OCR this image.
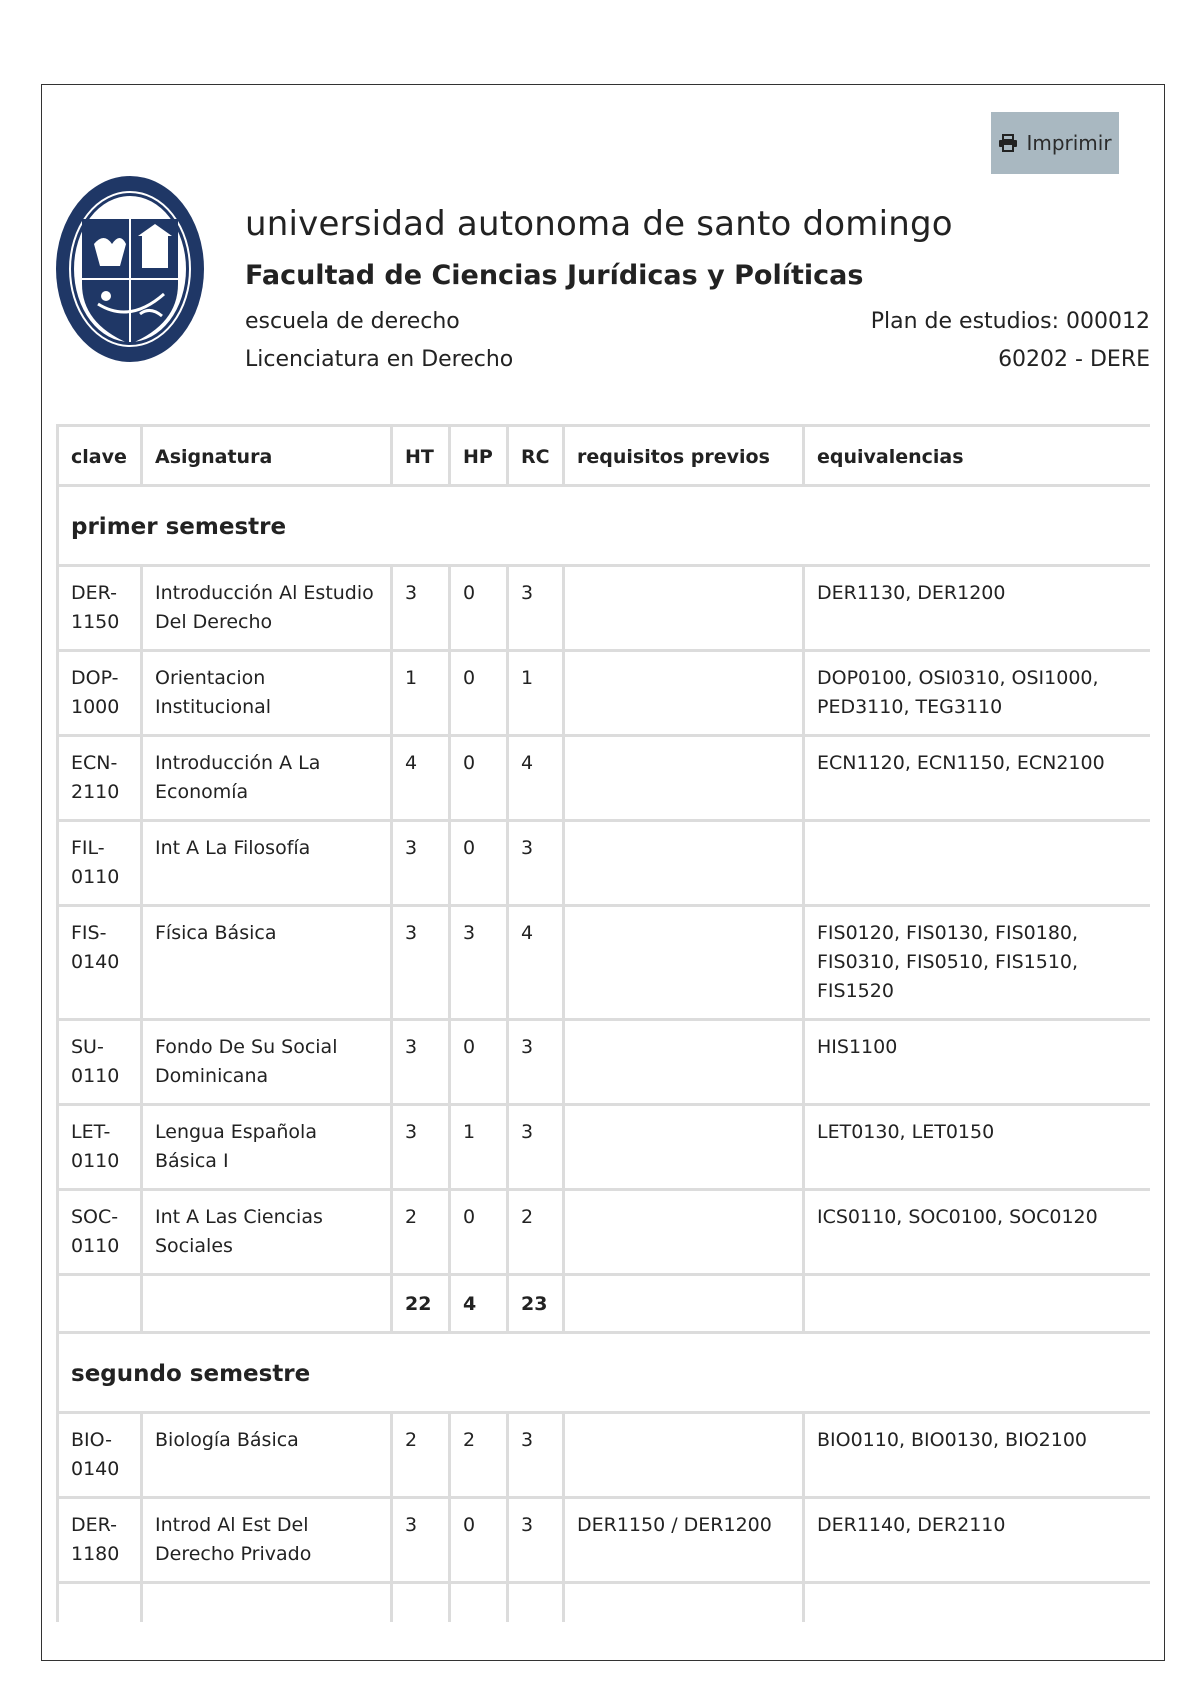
Imprimir
universidad autonoma de santo domingo
Facultad de Ciencias Jurídicas y Políticas
escuela de derecho
Licenciatura en Derecho
Plan de estudios: 000012
60202 - DERE
clave	Asignatura	HT	HP	RC	requisitos previos	equivalencias
primer semestre						
DER-1150	Introducción Al Estudio Del Derecho	3	0	3		DER1130, DER1200
DOP-1000	Orientacion Institucional	1	0	1		DOP0100, OSI0310, OSI1000, PED3110, TEG3110
ECN-2110	Introducción A La Economía	4	0	4		ECN1120, ECN1150, ECN2100
FIL-0110	Int A La Filosofía	3	0	3		
FIS-0140	Física Básica	3	3	4		FIS0120, FIS0130, FIS0180, FIS0310, FIS0510, FIS1510, FIS1520
SU-0110	Fondo De Su Social Dominicana	3	0	3		HIS1100
LET-0110	Lengua Española Básica I	3	1	3		LET0130, LET0150
SOC-0110	Int A Las Ciencias Sociales	2	0	2		ICS0110, SOC0100, SOC0120
		22	4	23		
segundo semestre						
BIO-0140	Biología Básica	2	2	3		BIO0110, BIO0130, BIO2100
DER-1180	Introd Al Est Del Derecho Privado	3	0	3	DER1150 / DER1200	DER1140, DER2110
